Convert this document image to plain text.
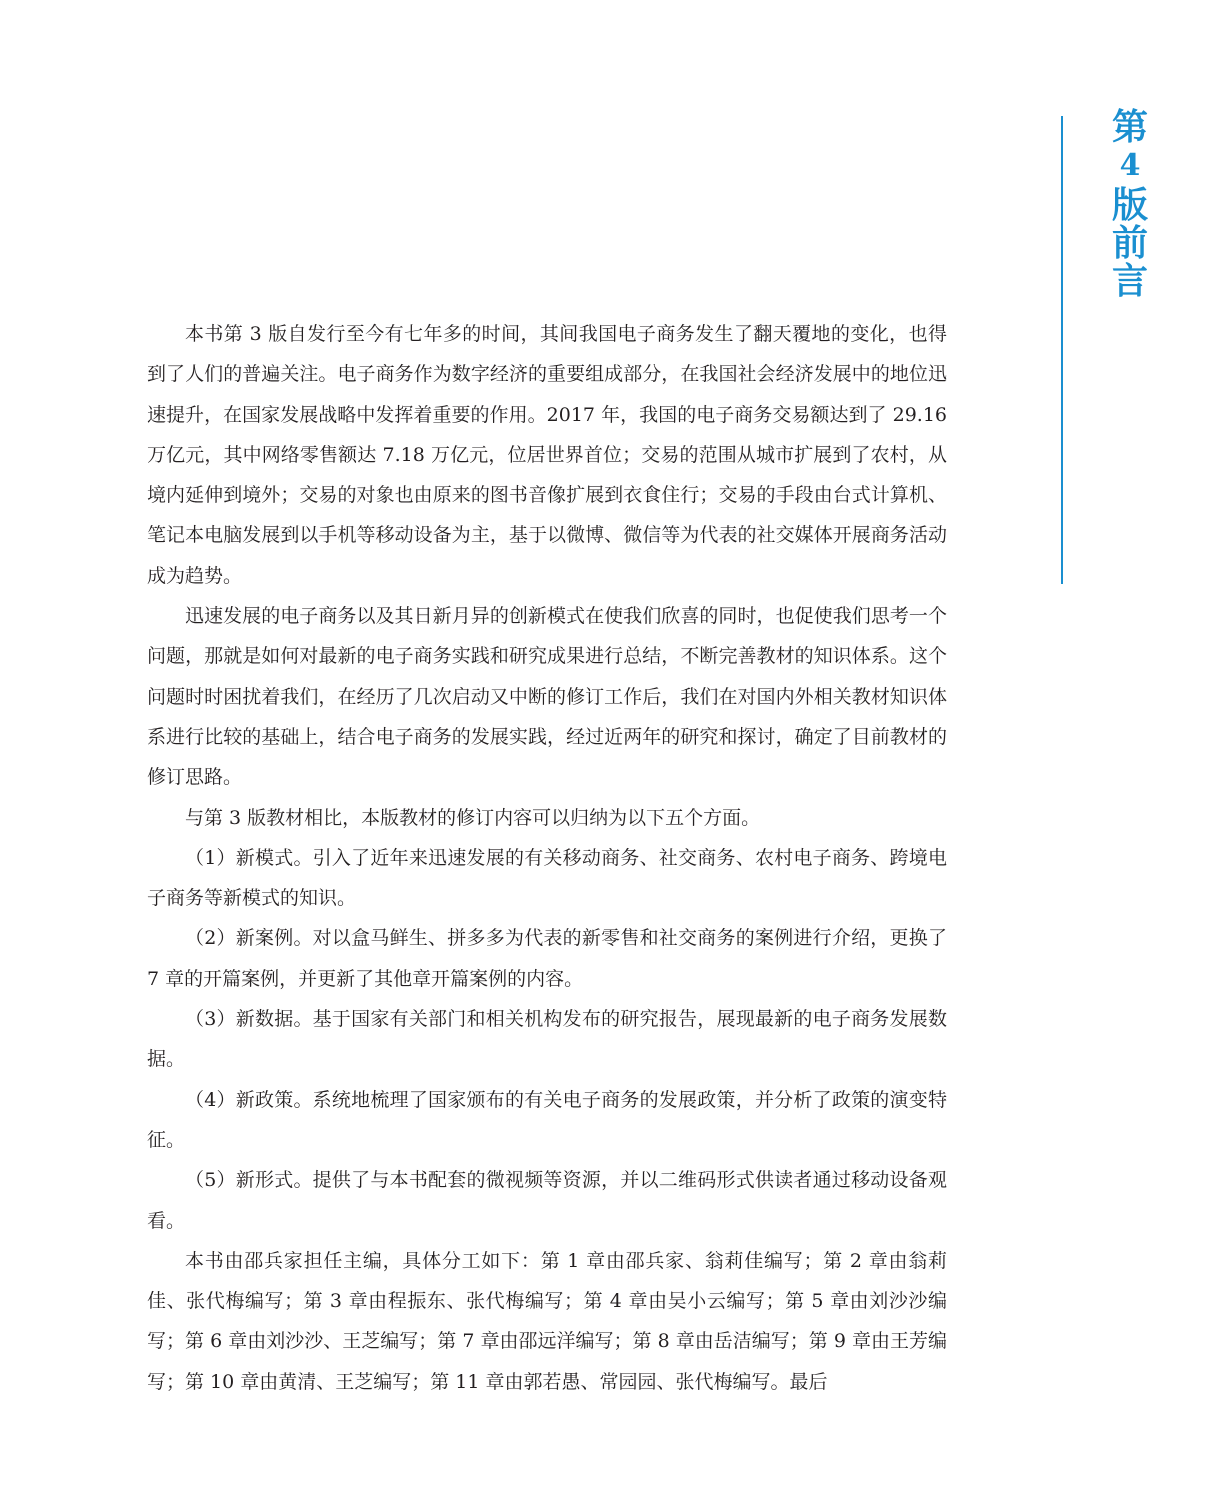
第
4
版
前
言

本书第 3 版自发行至今有七年多的时间，其间我国电子商务发生了翻天覆地的变化，也得到了人们的普遍关注。电子商务作为数字经济的重要组成部分，在我国社会经济发展中的地位迅速提升，在国家发展战略中发挥着重要的作用。2017 年，我国的电子商务交易额达到了 29.16 万亿元，其中网络零售额达 7.18 万亿元，位居世界首位；交易的范围从城市扩展到了农村，从境内延伸到境外；交易的对象也由原来的图书音像扩展到衣食住行；交易的手段由台式计算机、笔记本电脑发展到以手机等移动设备为主，基于以微博、微信等为代表的社交媒体开展商务活动成为趋势。

迅速发展的电子商务以及其日新月异的创新模式在使我们欣喜的同时，也促使我们思考一个问题，那就是如何对最新的电子商务实践和研究成果进行总结，不断完善教材的知识体系。这个问题时时困扰着我们，在经历了几次启动又中断的修订工作后，我们在对国内外相关教材知识体系进行比较的基础上，结合电子商务的发展实践，经过近两年的研究和探讨，确定了目前教材的修订思路。

与第 3 版教材相比，本版教材的修订内容可以归纳为以下五个方面。

（1）新模式。引入了近年来迅速发展的有关移动商务、社交商务、农村电子商务、跨境电子商务等新模式的知识。

（2）新案例。对以盒马鲜生、拼多多为代表的新零售和社交商务的案例进行介绍，更换了 7 章的开篇案例，并更新了其他章开篇案例的内容。

（3）新数据。基于国家有关部门和相关机构发布的研究报告，展现最新的电子商务发展数据。

（4）新政策。系统地梳理了国家颁布的有关电子商务的发展政策，并分析了政策的演变特征。

（5）新形式。提供了与本书配套的微视频等资源，并以二维码形式供读者通过移动设备观看。

本书由邵兵家担任主编，具体分工如下：第 1 章由邵兵家、翁莉佳编写；第 2 章由翁莉佳、张代梅编写；第 3 章由程振东、张代梅编写；第 4 章由吴小云编写；第 5 章由刘沙沙编写；第 6 章由刘沙沙、王芝编写；第 7 章由邵远洋编写；第 8 章由岳洁编写；第 9 章由王芳编写；第 10 章由黄清、王芝编写；第 11 章由郭若愚、常园园、张代梅编写。最后
